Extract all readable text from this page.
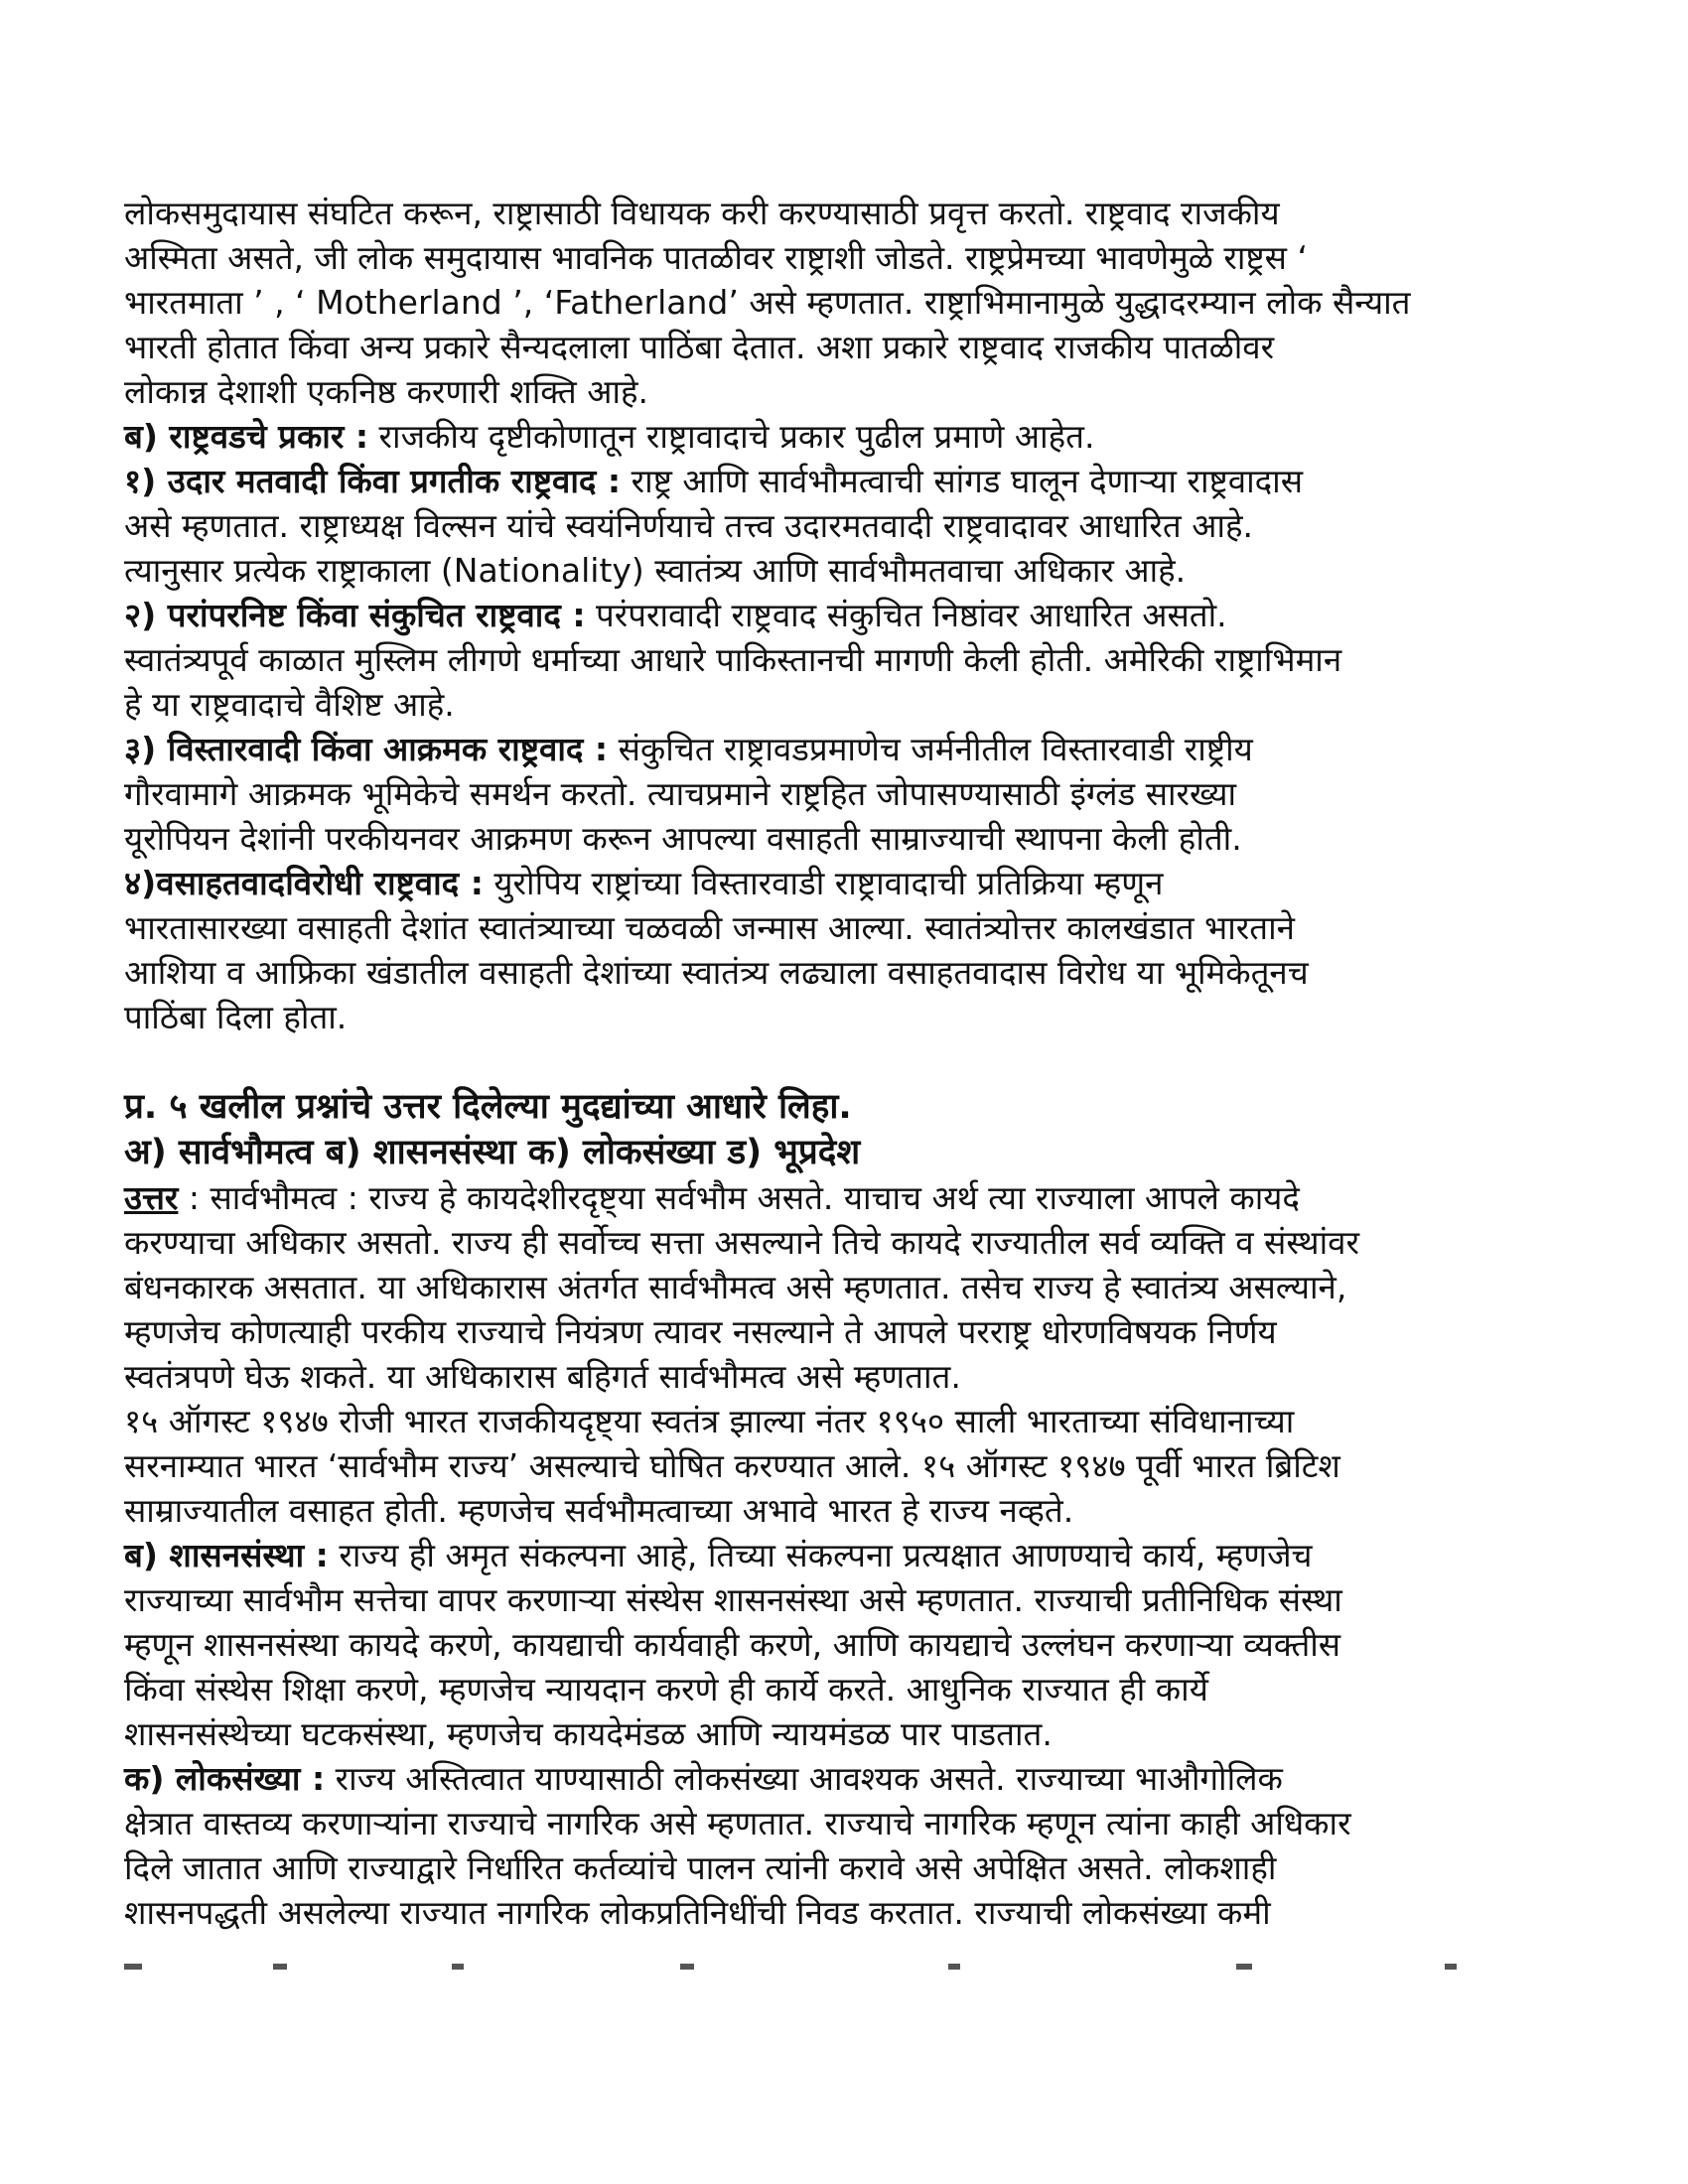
लोकसमुदायास संघटित करून, राष्ट्रासाठी विधायक करी करण्यासाठी प्रवृत्त करतो. राष्ट्रवाद राजकीय

अस्मिता असते, जी लोक समुदायास भावनिक पातळीवर राष्ट्राशी जोडते. राष्ट्रप्रेमच्या भावणेमुळे राष्ट्रस ‘

भारतमाता ’ , ‘ Motherland ’, ‘Fatherland’ असे म्हणतात. राष्ट्राभिमानामुळे युद्धादरम्यान लोक सैन्यात

भारती होतात किंवा अन्य प्रकारे सैन्यदलाला पाठिंबा देतात. अशा प्रकारे राष्ट्रवाद राजकीय पातळीवर

लोकान्न देशाशी एकनिष्ठ करणारी शक्ति आहे.

ब) राष्ट्रवडचे प्रकार : राजकीय दृष्टीकोणातून राष्ट्रावादाचे प्रकार पुढील प्रमाणे आहेत.

१) उदार मतवादी किंवा प्रगतीक राष्ट्रवाद : राष्ट्र आणि सार्वभौमत्वाची सांगड घालून देणाऱ्या राष्ट्रवादास

असे म्हणतात. राष्ट्राध्यक्ष विल्सन यांचे स्वयंनिर्णयाचे तत्त्व उदारमतवादी राष्ट्रवादावर आधारित आहे.

त्यानुसार प्रत्येक राष्ट्राकाला (Nationality) स्वातंत्र्य आणि सार्वभौमतवाचा अधिकार आहे.

२) परांपरनिष्ट किंवा संकुचित राष्ट्रवाद : परंपरावादी राष्ट्रवाद संकुचित निष्ठांवर आधारित असतो.

स्वातंत्र्यपूर्व काळात मुस्लिम लीगणे धर्माच्या आधारे पाकिस्तानची मागणी केली होती. अमेरिकी राष्ट्राभिमान

हे या राष्ट्रवादाचे वैशिष्ट आहे.

३) विस्तारवादी किंवा आक्रमक राष्ट्रवाद : संकुचित राष्ट्रावडप्रमाणेच जर्मनीतील विस्तारवाडी राष्ट्रीय

गौरवामागे आक्रमक भूमिकेचे समर्थन करतो. त्याचप्रमाने राष्ट्रहित जोपासण्यासाठी इंग्लंड सारख्या

यूरोपियन देशांनी परकीयनवर आक्रमण करून आपल्या वसाहती साम्राज्याची स्थापना केली होती.

४)वसाहतवादविरोधी राष्ट्रवाद : युरोपिय राष्ट्रांच्या विस्तारवाडी राष्ट्रावादाची प्रतिक्रिया म्हणून

भारतासारख्या वसाहती देशांत स्वातंत्र्याच्या चळवळी जन्मास आल्या. स्वातंत्र्योत्तर कालखंडात भारताने

आशिया व आफ्रिका खंडातील वसाहती देशांच्या स्वातंत्र्य लढ्याला वसाहतवादास विरोध या भूमिकेतूनच

पाठिंबा दिला होता.

प्र. ५ खलील प्रश्नांचे उत्तर दिलेल्या मुदद्यांच्या आधारे लिहा.

अ) सार्वभौमत्व ब) शासनसंस्था क) लोकसंख्या ड) भूप्रदेश

उत्तर : सार्वभौमत्व : राज्य हे कायदेशीरदृष्ट्या सर्वभौम असते. याचाच अर्थ त्या राज्याला आपले कायदे

करण्याचा अधिकार असतो. राज्य ही सर्वोच्च सत्ता असल्याने तिचे कायदे राज्यातील सर्व व्यक्ति व संस्थांवर

बंधनकारक असतात. या अधिकारास अंतर्गत सार्वभौमत्व असे म्हणतात. तसेच राज्य हे स्वातंत्र्य असल्याने,

म्हणजेच कोणत्याही परकीय राज्याचे नियंत्रण त्यावर नसल्याने ते आपले परराष्ट्र धोरणविषयक निर्णय

स्वतंत्रपणे घेऊ शकते. या अधिकारास बहिगर्त सार्वभौमत्व असे म्हणतात.

१५ ऑगस्ट १९४७ रोजी भारत राजकीयदृष्ट्या स्वतंत्र झाल्या नंतर १९५० साली भारताच्या संविधानाच्या

सरनाम्यात भारत ‘सार्वभौम राज्य’ असल्याचे घोषित करण्यात आले. १५ ऑगस्ट १९४७ पूर्वी भारत ब्रिटिश

साम्राज्यातील वसाहत होती. म्हणजेच सर्वभौमत्वाच्या अभावे भारत हे राज्य नव्हते.

ब) शासनसंस्था : राज्य ही अमृत संकल्पना आहे, तिच्या संकल्पना प्रत्यक्षात आणण्याचे कार्य, म्हणजेच

राज्याच्या सार्वभौम सत्तेचा वापर करणाऱ्या संस्थेस शासनसंस्था असे म्हणतात. राज्याची प्रतीनिधिक संस्था

म्हणून शासनसंस्था कायदे करणे, कायद्याची कार्यवाही करणे, आणि कायद्याचे उल्लंघन करणाऱ्या व्यक्तीस

किंवा संस्थेस शिक्षा करणे, म्हणजेच न्यायदान करणे ही कार्ये करते. आधुनिक राज्यात ही कार्ये

शासनसंस्थेच्या घटकसंस्था, म्हणजेच कायदेमंडळ आणि न्यायमंडळ पार पाडतात.

क) लोकसंख्या : राज्य अस्तित्वात याण्यासाठी लोकसंख्या आवश्यक असते. राज्याच्या भाऔगोलिक

क्षेत्रात वास्तव्य करणाऱ्यांना राज्याचे नागरिक असे म्हणतात. राज्याचे नागरिक म्हणून त्यांना काही अधिकार

दिले जातात आणि राज्याद्वारे निर्धारित कर्तव्यांचे पालन त्यांनी करावे असे अपेक्षित असते. लोकशाही

शासनपद्धती असलेल्या राज्यात नागरिक लोकप्रतिनिधींची निवड करतात. राज्याची लोकसंख्या कमी
